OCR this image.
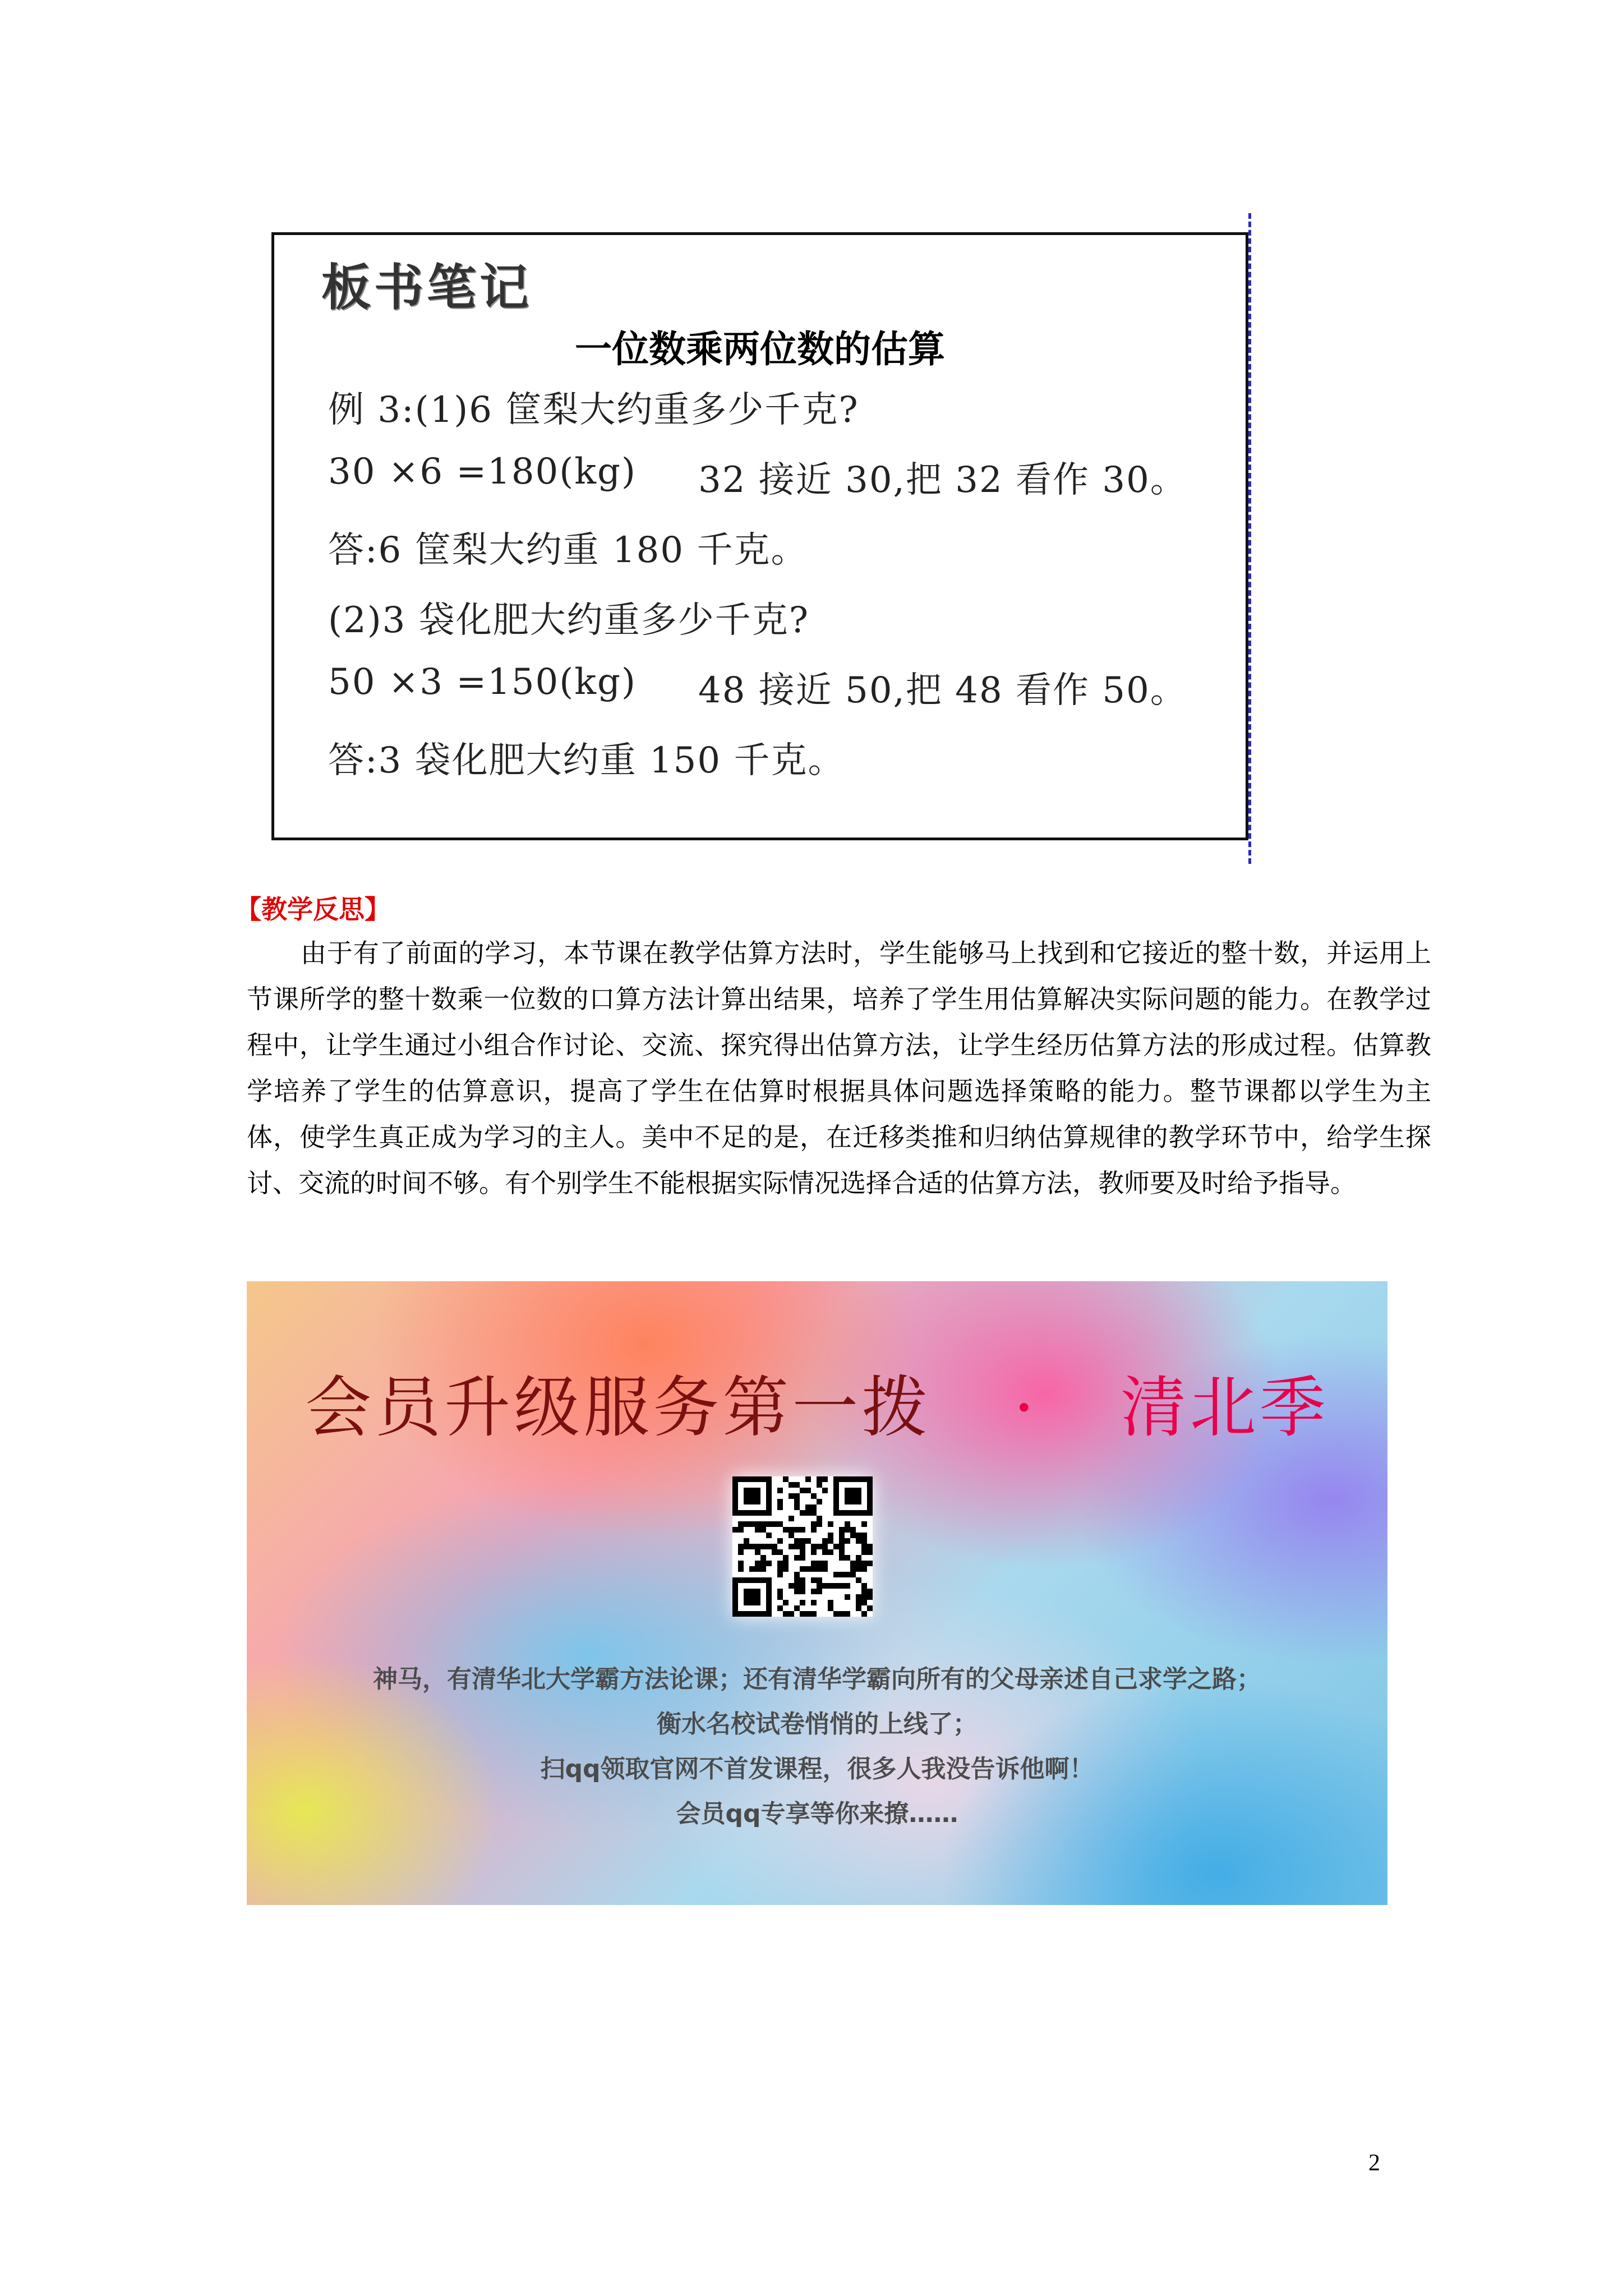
板书笔记
一位数乘两位数的估算
例 3:(1)6 筐梨大约重多少千克?
30 ×6 =180(kg) 32 接近 30,把 32 看作 30。
答:6 筐梨大约重 180 千克。
(2)3 袋化肥大约重多少千克?
50 ×3 =150(kg) 48 接近 50,把 48 看作 50。
答:3 袋化肥大约重 150 千克。
【教学反思】

由于有了前面的学习，本节课在教学估算方法时，学生能够马上找到和它接近的整十数，并运用上节课所学的整十数乘一位数的口算方法计算出结果，培养了学生用估算解决实际问题的能力。在教学过程中，让学生通过小组合作讨论、交流、探究得出估算方法，让学生经历估算方法的形成过程。估算教学培养了学生的估算意识，提高了学生在估算时根据具体问题选择策略的能力。整节课都以学生为主体，使学生真正成为学习的主人。美中不足的是，在迁移类推和归纳估算规律的教学环节中，给学生探讨、交流的时间不够。有个别学生不能根据实际情况选择合适的估算方法，教师要及时给予指导。

会员升级服务第一拨 · 清北季
神马，有清华北大学霸方法论课；还有清华学霸向所有的父母亲述自己求学之路；
衡水名校试卷悄悄的上线了；
扫qq领取官网不首发课程，很多人我没告诉他啊！
会员qq专享等你来撩……
2
